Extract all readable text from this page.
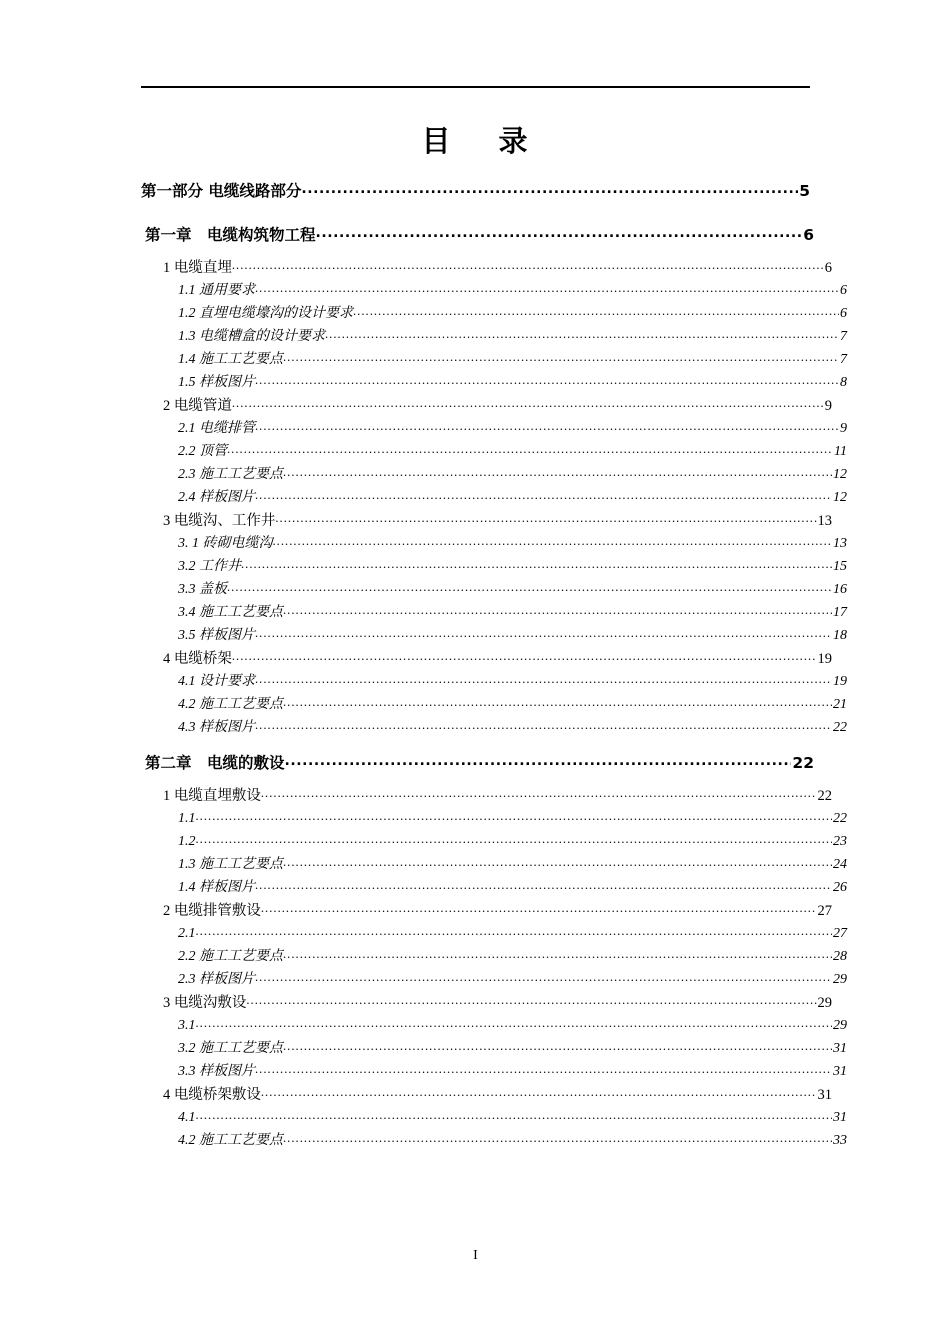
目 录
第一部分 电缆线路部分 .....	5
第一章　电缆构筑物工程 .....	6
1 电缆直埋 .....	6
1.1 通用要求 .....	6
1.2 直埋电缆壕沟的设计要求 .....	6
1.3 电缆槽盒的设计要求 .....	7
1.4 施工工艺要点 .....	7
1.5 样板图片 .....	8
2 电缆管道 .....	9
2.1 电缆排管 .....	9
2.2 顶管 .....	11
2.3 施工工艺要点 .....	12
2.4 样板图片 .....	12
3 电缆沟、工作井 .....	13
3. 1 砖砌电缆沟 .....	13
3.2 工作井 .....	15
3.3 盖板 .....	16
3.4 施工工艺要点 .....	17
3.5 样板图片 .....	18
4 电缆桥架 .....	19
4.1 设计要求 .....	19
4.2 施工工艺要点 .....	21
4.3 样板图片 .....	22
第二章　电缆的敷设 .....	22
1 电缆直埋敷设 .....	22
1.1 .....	22
1.2 .....	23
1.3 施工工艺要点 .....	24
1.4 样板图片 .....	26
2 电缆排管敷设 .....	27
2.1 .....	27
2.2 施工工艺要点 .....	28
2.3 样板图片 .....	29
3 电缆沟敷设 .....	29
3.1 .....	29
3.2 施工工艺要点 .....	31
3.3 样板图片 .....	31
4 电缆桥架敷设 .....	31
4.1 .....	31
4.2 施工工艺要点 .....	33
I
